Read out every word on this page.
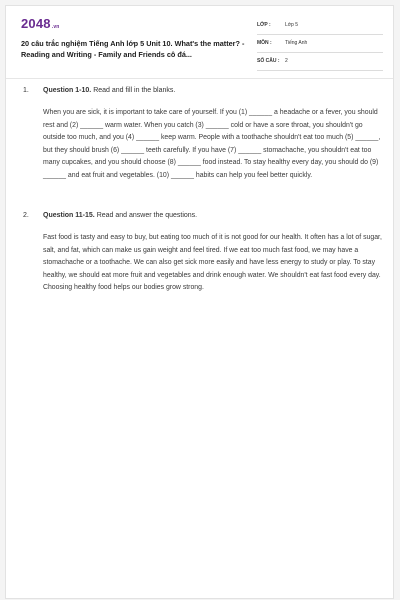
2048.vn
20 câu trắc nghiệm Tiếng Anh lớp 5 Unit 10. What's the matter? - Reading and Writing - Family and Friends cô đá...
LỚP :	Lớp 5
MÔN :	Tiếng Anh
SỐ CÂU : 2
1. Question 1-10. Read and fill in the blanks.

When you are sick, it is important to take care of yourself. If you (1) ______ a headache or a fever, you should rest and (2) ______ warm water. When you catch (3) ______ cold or have a sore throat, you shouldn't go outside too much, and you (4) ______ keep warm. People with a toothache shouldn't eat too much (5) ______, but they should brush (6) ______ teeth carefully. If you have (7) ______ stomachache, you shouldn't eat too many cupcakes, and you should choose (8) ______ food instead. To stay healthy every day, you should do (9) ______ and eat fruit and vegetables. (10) ______ habits can help you feel better quickly.

2. Question 11-15. Read and answer the questions.

Fast food is tasty and easy to buy, but eating too much of it is not good for our health. It often has a lot of sugar, salt, and fat, which can make us gain weight and feel tired. If we eat too much fast food, we may have a stomachache or a toothache. We can also get sick more easily and have less energy to study or play. To stay healthy, we should eat more fruit and vegetables and drink enough water. We shouldn't eat fast food every day. Choosing healthy food helps our bodies grow strong.
